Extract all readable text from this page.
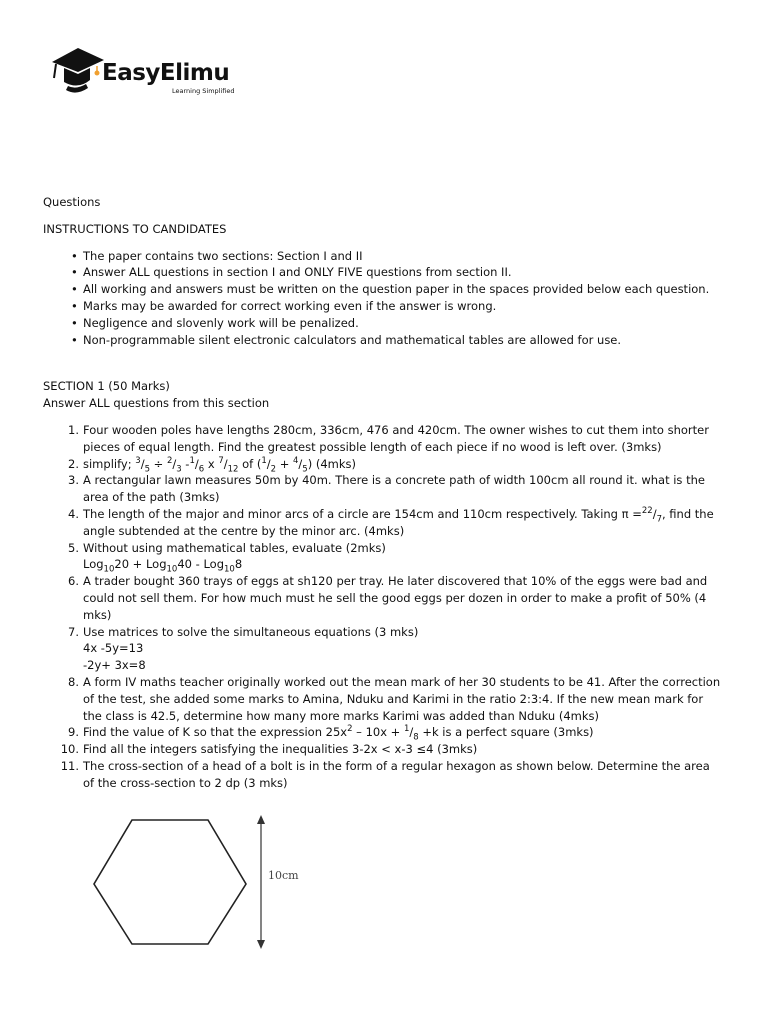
EasyElimu
Learning Simplified

Questions

INSTRUCTIONS TO CANDIDATES

• The paper contains two sections: Section I and II
• Answer ALL questions in section I and ONLY FIVE questions from section II.
• All working and answers must be written on the question paper in the spaces provided below each question.
• Marks may be awarded for correct working even if the answer is wrong.
• Negligence and slovenly work will be penalized.
• Non-programmable silent electronic calculators and mathematical tables are allowed for use.

SECTION 1 (50 Marks)

Answer ALL questions from this section

1. Four wooden poles have lengths 280cm, 336cm, 476 and 420cm. The owner wishes to cut them into shorter pieces of equal length. Find the greatest possible length of each piece if no wood is left over. (3mks)
2. simplify; $^3/_5 \div ^2/_3$ $-^1/_6$ x $^7/_{12}$ of $(^1/_2 + ^4/_5)$ (4mks)
3. A rectangular lawn measures 50m by 40m. There is a concrete path of width 100cm all round it. what is the area of the path (3mks)
4. The length of the major and minor arcs of a circle are 154cm and 110cm respectively. Taking $\pi =^{22}/_7$, find the angle subtended at the centre by the minor arc. (4mks)
5. Without using mathematical tables, evaluate (2mks)
Log$_{10}$20 + Log$_{10}$40 - Log$_{10}$8
6. A trader bought 360 trays of eggs at sh120 per tray. He later discovered that 10% of the eggs were bad and could not sell them. For how much must he sell the good eggs per dozen in order to make a profit of 50% (4 mks)
7. Use matrices to solve the simultaneous equations (3 mks)
4x -5y=13
-2y+ 3x=8
8. A form IV maths teacher originally worked out the mean mark of her 30 students to be 41. After the correction of the test, she added some marks to Amina, Nduku and Karimi in the ratio 2:3:4. If the new mean mark for the class is 42.5, determine how many more marks Karimi was added than Nduku (4mks)
9. Find the value of K so that the expression $25x^2 - 10x + ^1/_8 +k$ is a perfect square (3mks)
10. Find all the integers satisfying the inequalities 3-2x < x-3 ≤4 (3mks)
11. The cross-section of a head of a bolt is in the form of a regular hexagon as shown below. Determine the area of the cross-section to 2 dp (3 mks)
10cm
